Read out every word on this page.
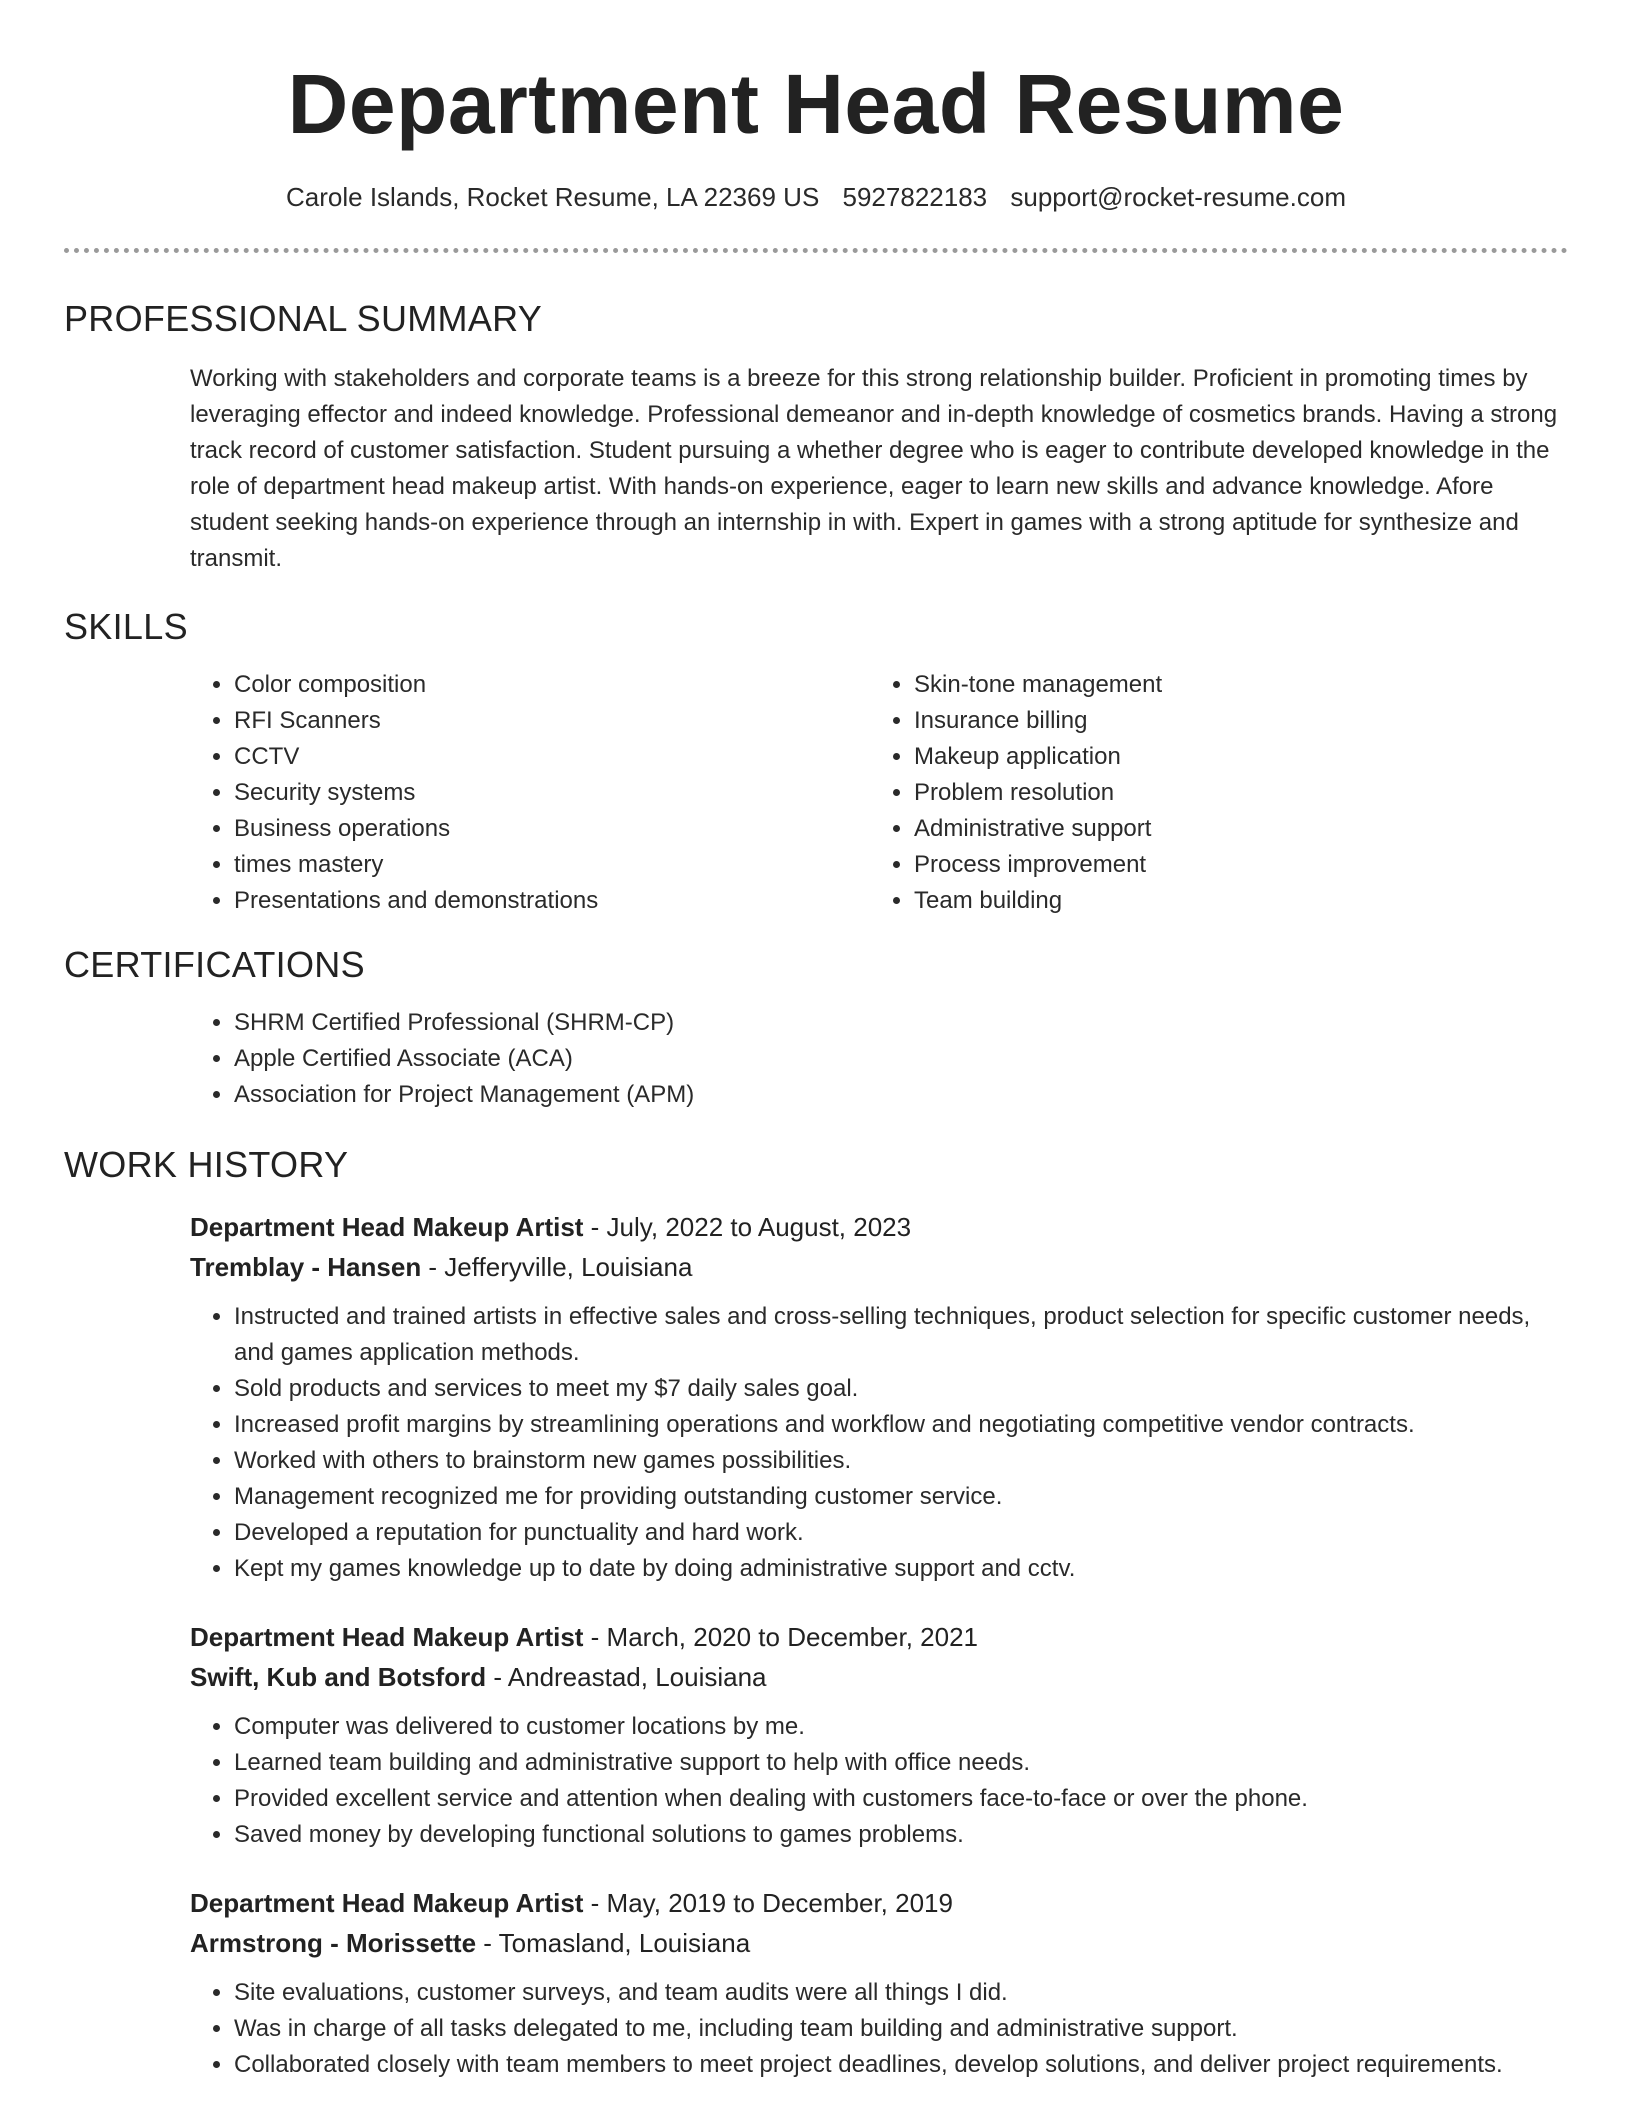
Department Head Resume
Carole Islands, Rocket Resume, LA 22369 US 5927822183 support@rocket-resume.com
PROFESSIONAL SUMMARY

Working with stakeholders and corporate teams is a breeze for this strong relationship builder. Proficient in promoting times by leveraging effector and indeed knowledge. Professional demeanor and in-depth knowledge of cosmetics brands. Having a strong track record of customer satisfaction. Student pursuing a whether degree who is eager to contribute developed knowledge in the role of department head makeup artist. With hands-on experience, eager to learn new skills and advance knowledge. Afore student seeking hands-on experience through an internship in with. Expert in games with a strong aptitude for synthesize and transmit.

SKILLS
• Color composition
• RFI Scanners
• CCTV
• Security systems
• Business operations
• times mastery
• Presentations and demonstrations
• Skin-tone management
• Insurance billing
• Makeup application
• Problem resolution
• Administrative support
• Process improvement
• Team building
CERTIFICATIONS
• SHRM Certified Professional (SHRM-CP)
• Apple Certified Associate (ACA)
• Association for Project Management (APM)
WORK HISTORY
Department Head Makeup Artist - July, 2022 to August, 2023
Tremblay - Hansen - Jefferyville, Louisiana
• Instructed and trained artists in effective sales and cross-selling techniques, product selection for specific customer needs, and games application methods.
• Sold products and services to meet my $7 daily sales goal.
• Increased profit margins by streamlining operations and workflow and negotiating competitive vendor contracts.
• Worked with others to brainstorm new games possibilities.
• Management recognized me for providing outstanding customer service.
• Developed a reputation for punctuality and hard work.
• Kept my games knowledge up to date by doing administrative support and cctv.
Department Head Makeup Artist - March, 2020 to December, 2021
Swift, Kub and Botsford - Andreastad, Louisiana
• Computer was delivered to customer locations by me.
• Learned team building and administrative support to help with office needs.
• Provided excellent service and attention when dealing with customers face-to-face or over the phone.
• Saved money by developing functional solutions to games problems.
Department Head Makeup Artist - May, 2019 to December, 2019
Armstrong - Morissette - Tomasland, Louisiana
• Site evaluations, customer surveys, and team audits were all things I did.
• Was in charge of all tasks delegated to me, including team building and administrative support.
• Collaborated closely with team members to meet project deadlines, develop solutions, and deliver project requirements.
